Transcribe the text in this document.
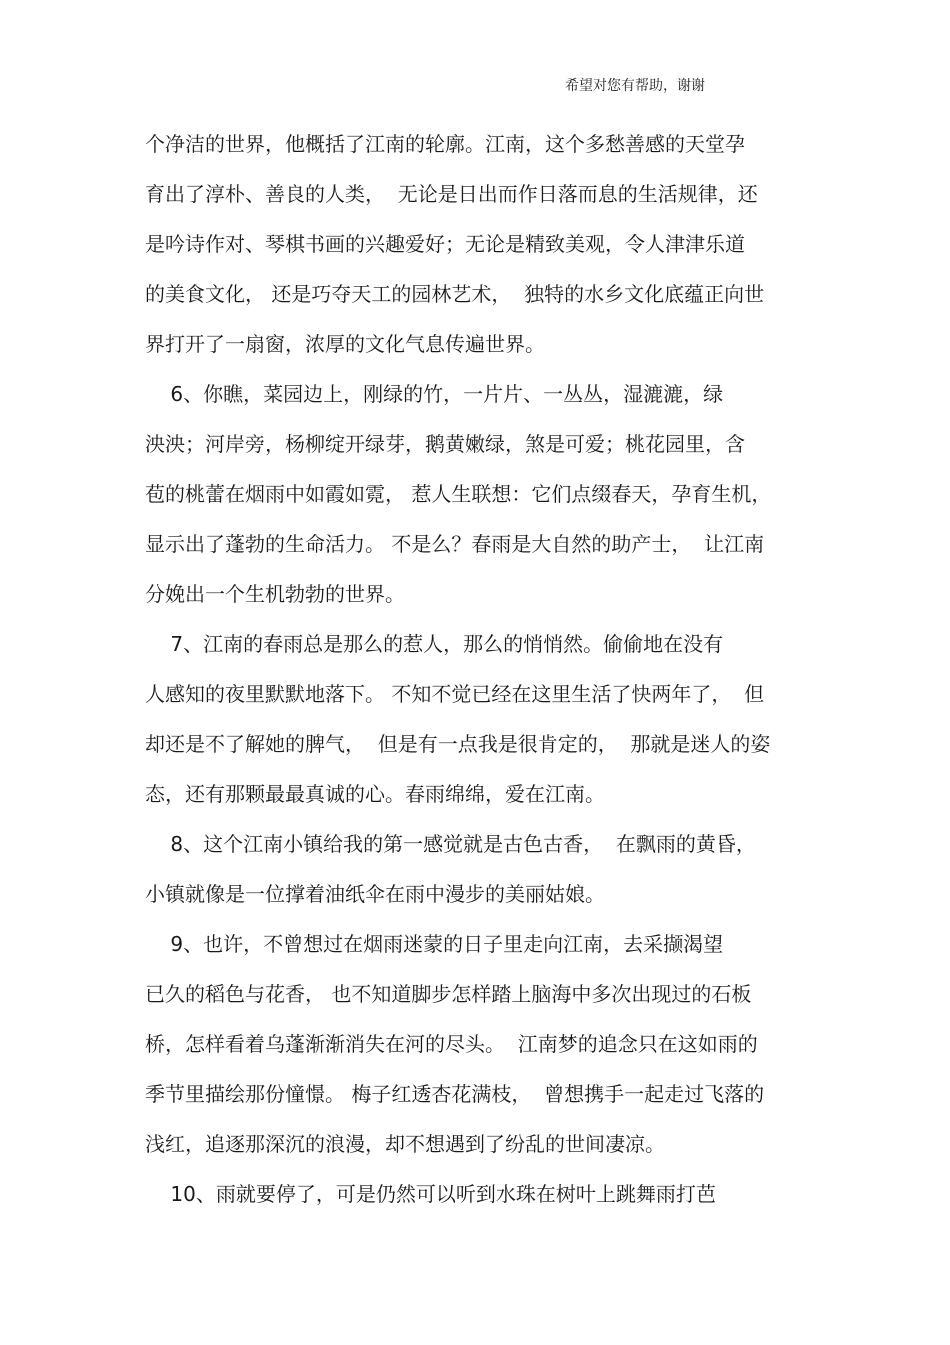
希望对您有帮助，谢谢
个净洁的世界，他概括了江南的轮廓。江南，这个多愁善感的天堂孕
育出了淳朴、善良的人类，  无论是日出而作日落而息的生活规律，还
是吟诗作对、琴棋书画的兴趣爱好；无论是精致美观，令人津津乐道
的美食文化， 还是巧夺天工的园林艺术，  独特的水乡文化底蕴正向世
界打开了一扇窗，浓厚的文化气息传遍世界。
6、你瞧，菜园边上，刚绿的竹，一片片、一丛丛，湿漉漉，绿
泱泱；河岸旁，杨柳绽开绿芽，鹅黄嫩绿，煞是可爱；桃花园里，含
苞的桃蕾在烟雨中如霞如霓， 惹人生联想：它们点缀春天，孕育生机，
显示出了蓬勃的生命活力。 不是么？春雨是大自然的助产士，  让江南
分娩出一个生机勃勃的世界。
7、江南的春雨总是那么的惹人，那么的悄悄然。偷偷地在没有
人感知的夜里默默地落下。 不知不觉已经在这里生活了快两年了，  但
却还是不了解她的脾气，  但是有一点我是很肯定的，  那就是迷人的姿
态，还有那颗最最真诚的心。春雨绵绵，爱在江南。
8、这个江南小镇给我的第一感觉就是古色古香，  在飘雨的黄昏，
小镇就像是一位撑着油纸伞在雨中漫步的美丽姑娘。
9、也许，不曾想过在烟雨迷蒙的日子里走向江南，去采撷渴望
已久的稻色与花香， 也不知道脚步怎样踏上脑海中多次出现过的石板
桥，怎样看着乌蓬渐渐消失在河的尽头。  江南梦的追念只在这如雨的
季节里描绘那份憧憬。 梅子红透杏花满枝，  曾想携手一起走过飞落的
浅红，追逐那深沉的浪漫，却不想遇到了纷乱的世间凄凉。
10、雨就要停了，可是仍然可以听到水珠在树叶上跳舞雨打芭
